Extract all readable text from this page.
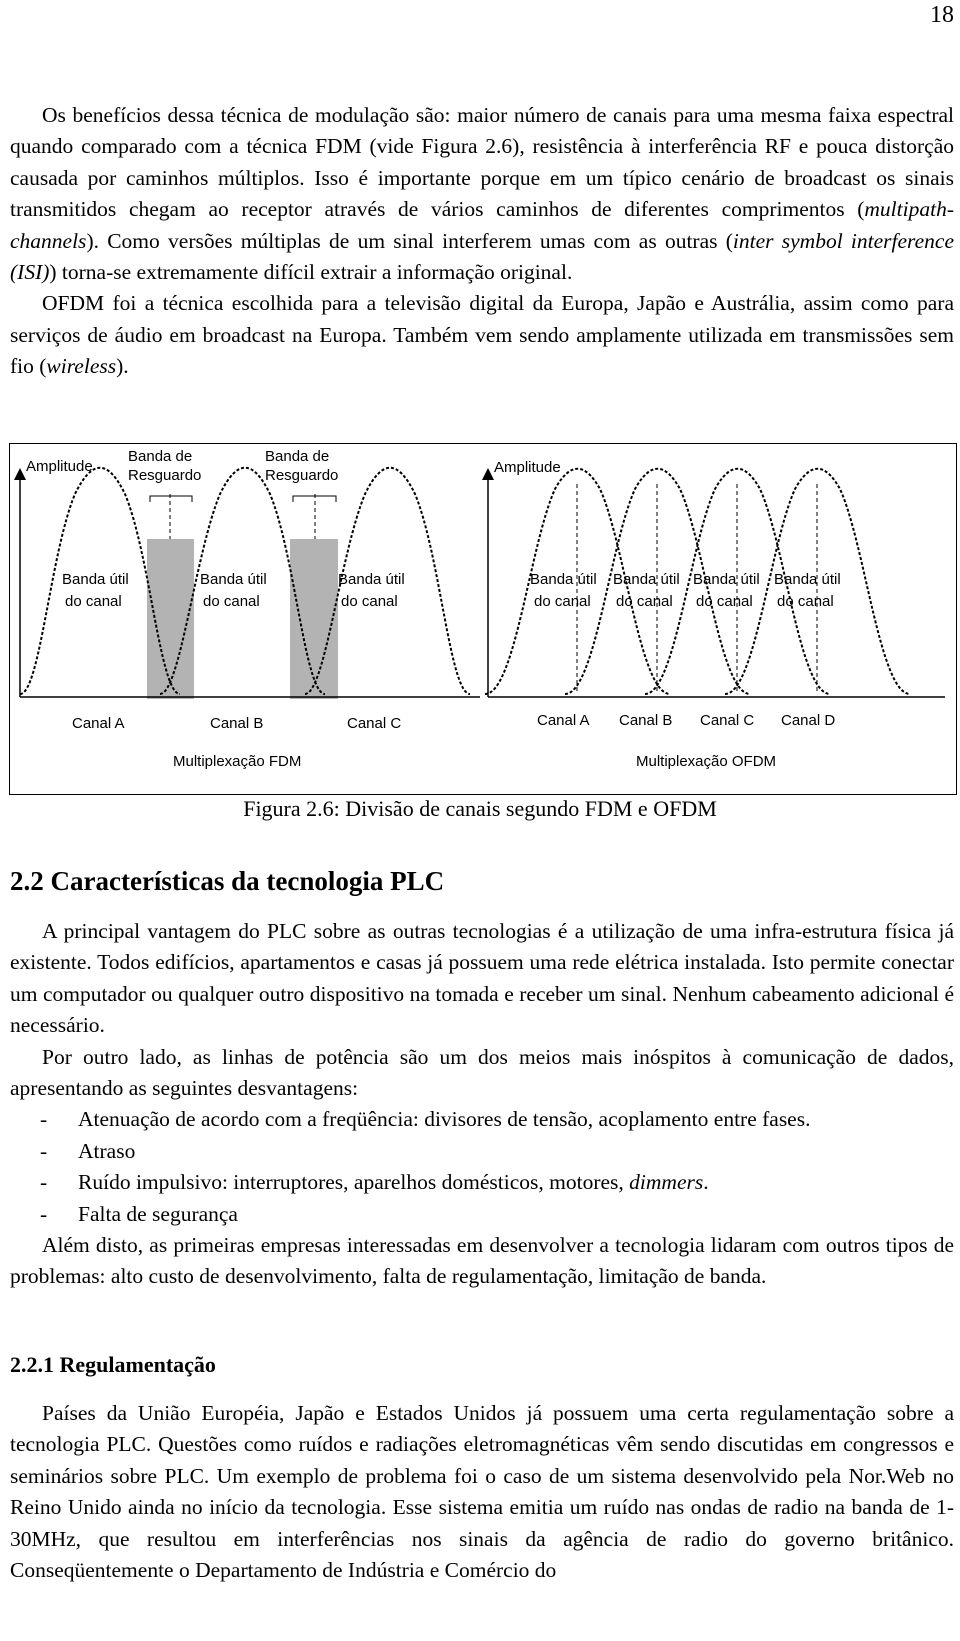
18

Os benefícios dessa técnica de modulação são: maior número de canais para uma mesma faixa espectral quando comparado com a técnica FDM (vide Figura 2.6), resistência à interferência RF e pouca distorção causada por caminhos múltiplos. Isso é importante porque em um típico cenário de broadcast os sinais transmitidos chegam ao receptor através de vários caminhos de diferentes comprimentos (multipath-channels). Como versões múltiplas de um sinal interferem umas com as outras (inter symbol interference (ISI)) torna-se extremamente difícil extrair a informação original.

OFDM foi a técnica escolhida para a televisão digital da Europa, Japão e Austrália, assim como para serviços de áudio em broadcast na Europa. Também vem sendo amplamente utilizada em transmissões sem fio (wireless).

Amplitude
Banda de
Resguardo
Banda de
Resguardo
Banda útil
do canal
Banda útil
do canal
Banda útil
do canal
Canal A	Canal B	Canal C
Multiplexação FDM
Amplitude
Banda útil
do canal
Banda útil
do canal
Banda útil
do canal
Banda útil
do canal
Canal A Canal B Canal C Canal D
Multiplexação OFDM
Figura 2.6: Divisão de canais segundo FDM e OFDM
2.2 Características da tecnologia PLC

A principal vantagem do PLC sobre as outras tecnologias é a utilização de uma infra-estrutura física já existente. Todos edifícios, apartamentos e casas já possuem uma rede elétrica instalada. Isto permite conectar um computador ou qualquer outro dispositivo na tomada e receber um sinal. Nenhum cabeamento adicional é necessário.

Por outro lado, as linhas de potência são um dos meios mais inóspitos à comunicação de dados, apresentando as seguintes desvantagens:

- Atenuação de acordo com a freqüência: divisores de tensão, acoplamento entre fases.
- Atraso
- Ruído impulsivo: interruptores, aparelhos domésticos, motores, dimmers.
- Falta de segurança

Além disto, as primeiras empresas interessadas em desenvolver a tecnologia lidaram com outros tipos de problemas: alto custo de desenvolvimento, falta de regulamentação, limitação de banda.

2.2.1 Regulamentação

Países da União Européia, Japão e Estados Unidos já possuem uma certa regulamentação sobre a tecnologia PLC. Questões como ruídos e radiações eletromagnéticas vêm sendo discutidas em congressos e seminários sobre PLC. Um exemplo de problema foi o caso de um sistema desenvolvido pela Nor.Web no Reino Unido ainda no início da tecnologia. Esse sistema emitia um ruído nas ondas de radio na banda de 1-30MHz, que resultou em interferências nos sinais da agência de radio do governo britânico. Conseqüentemente o Departamento de Indústria e Comércio do
